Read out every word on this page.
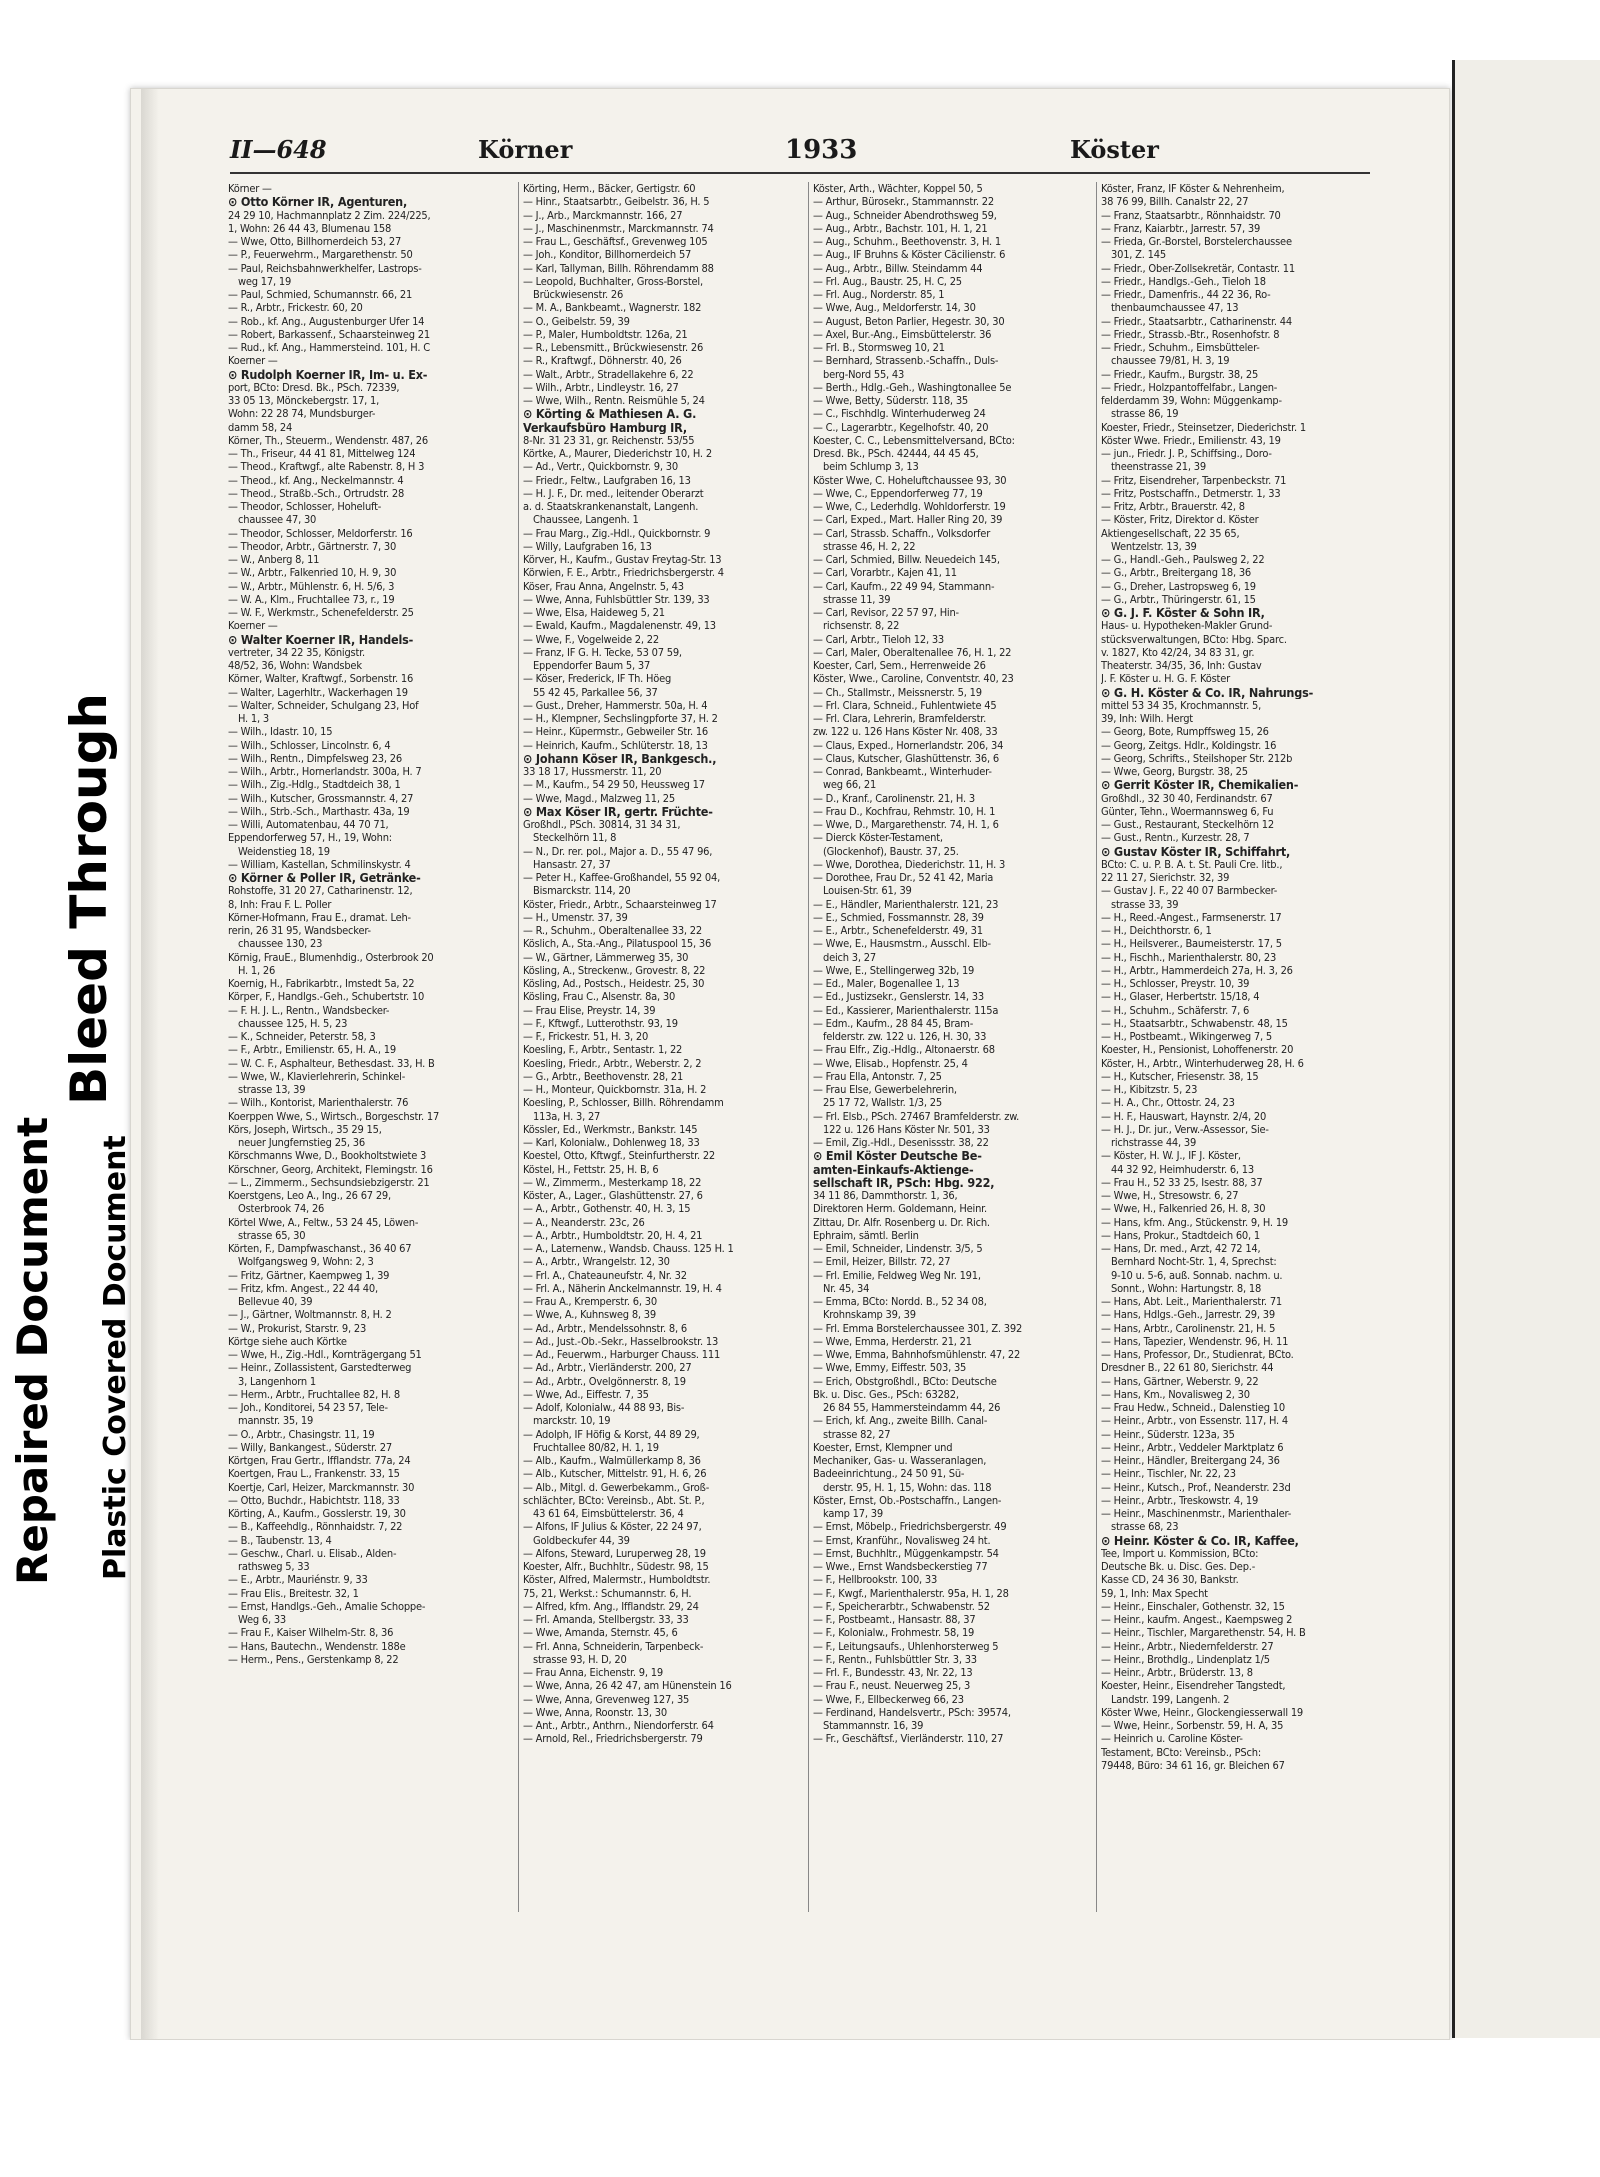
II—648	Körner	1933	Köster

Körner —

⊙ Otto Körner IR, Agenturen,

24 29 10, Hachmannplatz 2 Zim. 224/225,

1, Wohn: 26 44 43, Blumenau 158

— Wwe, Otto, Billhornerdeich 53, 27

— P., Feuerwehrm., Margarethenstr. 50

— Paul, Reichsbahnwerkhelfer, Lastrops-

weg 17, 19

— Paul, Schmied, Schumannstr. 66, 21

— R., Arbtr., Frickestr. 60, 20

— Rob., kf. Ang., Augustenburger Ufer 14

— Robert, Barkassenf., Schaarsteinweg 21

— Rud., kf. Ang., Hammersteind. 101, H. C

Koerner —

⊙ Rudolph Koerner IR, Im- u. Ex-

port, BCto: Dresd. Bk., PSch. 72339,

33 05 13, Mönckebergstr. 17, 1,

Wohn: 22 28 74, Mundsburger-

damm 58, 24

Körner, Th., Steuerm., Wendenstr. 487, 26

— Th., Friseur, 44 41 81, Mittelweg 124

— Theod., Kraftwgf., alte Rabenstr. 8, H 3

— Theod., kf. Ang., Neckelmannstr. 4

— Theod., Straßb.-Sch., Ortrudstr. 28

— Theodor, Schlosser, Hoheluft-

chaussee 47, 30

— Theodor, Schlosser, Meldorferstr. 16

— Theodor, Arbtr., Gärtnerstr. 7, 30

— W., Anberg 8, 11

— W., Arbtr., Falkenried 10, H. 9, 30

— W., Arbtr., Mühlenstr. 6, H. 5/6, 3

— W. A., Klm., Fruchtallee 73, r., 19

— W. F., Werkmstr., Schenefelderstr. 25

Koerner —

⊙ Walter Koerner IR, Handels-

vertreter, 34 22 35, Königstr.

48/52, 36, Wohn: Wandsbek

Körner, Walter, Kraftwgf., Sorbenstr. 16

— Walter, Lagerhltr., Wackerhagen 19

— Walter, Schneider, Schulgang 23, Hof

H. 1, 3

— Wilh., Idastr. 10, 15

— Wilh., Schlosser, Lincolnstr. 6, 4

— Wilh., Rentn., Dimpfelsweg 23, 26

— Wilh., Arbtr., Hornerlandstr. 300a, H. 7

— Wilh., Zig.-Hdlg., Stadtdeich 38, 1

— Wilh., Kutscher, Grossmannstr. 4, 27

— Wilh., Strb.-Sch., Marthastr. 43a, 19

— Willi, Automatenbau, 44 70 71,

Eppendorferweg 57, H., 19, Wohn:

Weidenstieg 18, 19

— William, Kastellan, Schmilinskystr. 4

⊙ Körner & Poller IR, Getränke-

Rohstoffe, 31 20 27, Catharinenstr. 12,

8, Inh: Frau F. L. Poller

Körner-Hofmann, Frau E., dramat. Leh-

rerin, 26 31 95, Wandsbecker-

chaussee 130, 23

Körnig, FrauE., Blumenhdig., Osterbrook 20

H. 1, 26

Koernig, H., Fabrikarbtr., Imstedt 5a, 22

Körper, F., Handlgs.-Geh., Schubertstr. 10

— F. H. J. L., Rentn., Wandsbecker-

chaussee 125, H. 5, 23

— K., Schneider, Peterstr. 58, 3

— F., Arbtr., Emilienstr. 65, H. A., 19

— W. C. F., Asphalteur, Bethesdast. 33, H. B

— Wwe, W., Klavierlehrerin, Schinkel-

strasse 13, 39

— Wilh., Kontorist, Marienthalerstr. 76

Koerppen Wwe, S., Wirtsch., Borgeschstr. 17

Körs, Joseph, Wirtsch., 35 29 15,

neuer Jungfernstieg 25, 36

Körschmanns Wwe, D., Bookholtstwiete 3

Körschner, Georg, Architekt, Flemingstr. 16

— L., Zimmerm., Sechsundsiebzigerstr. 21

Koerstgens, Leo A., Ing., 26 67 29,

Osterbrook 74, 26

Körtel Wwe, A., Feltw., 53 24 45, Löwen-

strasse 65, 30

Körten, F., Dampfwaschanst., 36 40 67

Wolfgangsweg 9, Wohn: 2, 3

— Fritz, Gärtner, Kaempweg 1, 39

— Fritz, kfm. Angest., 22 44 40,

Bellevue 40, 39

— J., Gärtner, Woltmannstr. 8, H. 2

— W., Prokurist, Starstr. 9, 23

Körtge siehe auch Körtke

— Wwe, H., Zig.-Hdl., Kornträgergang 51

— Heinr., Zollassistent, Garstedterweg

3, Langenhorn 1

— Herm., Arbtr., Fruchtallee 82, H. 8

— Joh., Konditorei, 54 23 57, Tele-

mannstr. 35, 19

— O., Arbtr., Chasingstr. 11, 19

— Willy, Bankangest., Süderstr. 27

Körtgen, Frau Gertr., Ifflandstr. 77a, 24

Koertgen, Frau L., Frankenstr. 33, 15

Koertje, Carl, Heizer, Marckmannstr. 30

— Otto, Buchdr., Habichtstr. 118, 33

Körting, A., Kaufm., Gosslerstr. 19, 30

— B., Kaffeehdlg., Rönnhaidstr. 7, 22

— B., Taubenstr. 13, 4

— Geschw., Charl. u. Elisab., Alden-

rathsweg 5, 33

— E., Arbtr., Mauriénstr. 9, 33

— Frau Elis., Breitestr. 32, 1

— Ernst, Handlgs.-Geh., Amalie Schoppe-

Weg 6, 33

— Frau F., Kaiser Wilhelm-Str. 8, 36

— Hans, Bautechn., Wendenstr. 188e

— Herm., Pens., Gerstenkamp 8, 22

Körting, Herm., Bäcker, Gertigstr. 60

— Hinr., Staatsarbtr., Geibelstr. 36, H. 5

— J., Arb., Marckmannstr. 166, 27

— J., Maschinenmstr., Marckmannstr. 74

— Frau L., Geschäftsf., Grevenweg 105

— Joh., Konditor, Billhornerdeich 57

— Karl, Tallyman, Billh. Röhrendamm 88

— Leopold, Buchhalter, Gross-Borstel,

Brückwiesenstr. 26

— M. A., Bankbeamt., Wagnerstr. 182

— O., Geibelstr. 59, 39

— P., Maler, Humboldtstr. 126a, 21

— R., Lebensmitt., Brückwiesenstr. 26

— R., Kraftwgf., Döhnerstr. 40, 26

— Walt., Arbtr., Stradellakehre 6, 22

— Wilh., Arbtr., Lindleystr. 16, 27

— Wwe, Wilh., Rentn. Reismühle 5, 24

⊙ Körting & Mathiesen A. G.

Verkaufsbüro Hamburg IR,

8-Nr. 31 23 31, gr. Reichenstr. 53/55

Körtke, A., Maurer, Diederichstr 10, H. 2

— Ad., Vertr., Quickbornstr. 9, 30

— Friedr., Feltw., Laufgraben 16, 13

— H. J. F., Dr. med., leitender Oberarzt

a. d. Staatskrankenanstalt, Langenh.

Chaussee, Langenh. 1

— Frau Marg., Zig.-Hdl., Quickbornstr. 9

— Willy, Laufgraben 16, 13

Körver, H., Kaufm., Gustav Freytag-Str. 13

Körwien, F. E., Arbtr., Friedrichsbergerstr. 4

Köser, Frau Anna, Angelnstr. 5, 43

— Wwe, Anna, Fuhlsbüttler Str. 139, 33

— Wwe, Elsa, Haideweg 5, 21

— Ewald, Kaufm., Magdalenenstr. 49, 13

— Wwe, F., Vogelweide 2, 22

— Franz, IF G. H. Tecke, 53 07 59,

Eppendorfer Baum 5, 37

— Köser, Frederick, IF Th. Höeg

55 42 45, Parkallee 56, 37

— Gust., Dreher, Hammerstr. 50a, H. 4

— H., Klempner, Sechslingpforte 37, H. 2

— Heinr., Küpermstr., Gebweiler Str. 16

— Heinrich, Kaufm., Schlüterstr. 18, 13

⊙ Johann Köser IR, Bankgesch.,

33 18 17, Hussmerstr. 11, 20

— M., Kaufm., 54 29 50, Heussweg 17

— Wwe, Magd., Malzweg 11, 25

⊙ Max Köser IR, gertr. Früchte-

Großhdl., PSch. 30814, 31 34 31,

Steckelhörn 11, 8

— N., Dr. rer. pol., Major a. D., 55 47 96,

Hansastr. 27, 37

— Peter H., Kaffee-Großhandel, 55 92 04,

Bismarckstr. 114, 20

Köster, Friedr., Arbtr., Schaarsteinweg 17

— H., Umenstr. 37, 39

— R., Schuhm., Oberaltenallee 33, 22

Köslich, A., Sta.-Ang., Pilatuspool 15, 36

— W., Gärtner, Lämmerweg 35, 30

Kösling, A., Streckenw., Grovestr. 8, 22

Kösling, Ad., Postsch., Heidestr. 25, 30

Kösling, Frau C., Alsenstr. 8a, 30

— Frau Elise, Preystr. 14, 39

— F., Kftwgf., Lutterothstr. 93, 19

— F., Frickestr. 51, H. 3, 20

Koesling, F., Arbtr., Sentastr. 1, 22

Koesling, Friedr., Arbtr., Weberstr. 2, 2

— G., Arbtr., Beethovenstr. 28, 21

— H., Monteur, Quickbornstr. 31a, H. 2

Koesling, P., Schlosser, Billh. Röhrendamm

113a, H. 3, 27

Kössler, Ed., Werkmstr., Bankstr. 145

— Karl, Kolonialw., Dohlenweg 18, 33

Koestel, Otto, Kftwgf., Steinfurtherstr. 22

Köstel, H., Fettstr. 25, H. B, 6

— W., Zimmerm., Mesterkamp 18, 22

Köster, A., Lager., Glashüttenstr. 27, 6

— A., Arbtr., Gothenstr. 40, H. 3, 15

— A., Neanderstr. 23c, 26

— A., Arbtr., Humboldtstr. 20, H. 4, 21

— A., Laternenw., Wandsb. Chauss. 125 H. 1

— A., Arbtr., Wrangelstr. 12, 30

— Frl. A., Chateauneufstr. 4, Nr. 32

— Frl. A., Näherin Anckelmannstr. 19, H. 4

— Frau A., Kremperstr. 6, 30

— Wwe, A., Kuhnsweg 8, 39

— Ad., Arbtr., Mendelssohnstr. 8, 6

— Ad., Just.-Ob.-Sekr., Hasselbrookstr. 13

— Ad., Feuerwm., Harburger Chauss. 111

— Ad., Arbtr., Vierländerstr. 200, 27

— Ad., Arbtr., Ovelgönnerstr. 8, 19

— Wwe, Ad., Eiffestr. 7, 35

— Adolf, Kolonialw., 44 88 93, Bis-

marckstr. 10, 19

— Adolph, IF Höfig & Korst, 44 89 29,

Fruchtallee 80/82, H. 1, 19

— Alb., Kaufm., Walmüllerkamp 8, 36

— Alb., Kutscher, Mittelstr. 91, H. 6, 26

— Alb., Mitgl. d. Gewerbekamm., Groß-

schlächter, BCto: Vereinsb., Abt. St. P.,

43 61 64, Eimsbüttelerstr. 36, 4

— Alfons, IF Julius & Köster, 22 24 97,

Goldbeckufer 44, 39

— Alfons, Steward, Luruperweg 28, 19

Koester, Alfr., Buchhltr., Südestr. 98, 15

Köster, Alfred, Malermstr., Humboldtstr.

75, 21, Werkst.: Schumannstr. 6, H.

— Alfred, kfm. Ang., Ifflandstr. 29, 24

— Frl. Amanda, Stellbergstr. 33, 33

— Wwe, Amanda, Sternstr. 45, 6

— Frl. Anna, Schneiderin, Tarpenbeck-

strasse 93, H. D, 20

— Frau Anna, Eichenstr. 9, 19

— Wwe, Anna, 26 42 47, am Hünenstein 16

— Wwe, Anna, Grevenweg 127, 35

— Wwe, Anna, Roonstr. 13, 30

— Ant., Arbtr., Anthrn., Niendorferstr. 64

— Arnold, Rel., Friedrichsbergerstr. 79

Köster, Arth., Wächter, Koppel 50, 5

— Arthur, Bürosekr., Stammannstr. 22

— Aug., Schneider Abendrothsweg 59,

— Aug., Arbtr., Bachstr. 101, H. 1, 21

— Aug., Schuhm., Beethovenstr. 3, H. 1

— Aug., IF Bruhns & Köster Cäcilienstr. 6

— Aug., Arbtr., Billw. Steindamm 44

— Frl. Aug., Baustr. 25, H. C, 25

— Frl. Aug., Norderstr. 85, 1

— Wwe, Aug., Meldorferstr. 14, 30

— August, Beton Parlier, Hegestr. 30, 30

— Axel, Bur.-Ang., Eimsbüttelerstr. 36

— Frl. B., Stormsweg 10, 21

— Bernhard, Strassenb.-Schaffn., Duls-

berg-Nord 55, 43

— Berth., Hdlg.-Geh., Washingtonallee 5e

— Wwe, Betty, Süderstr. 118, 35

— C., Fischhdlg. Winterhuderweg 24

— C., Lagerarbtr., Kegelhofstr. 40, 20

Koester, C. C., Lebensmittelversand, BCto:

Dresd. Bk., PSch. 42444, 44 45 45,

beim Schlump 3, 13

Köster Wwe, C. Hoheluftchaussee 93, 30

— Wwe, C., Eppendorferweg 77, 19

— Wwe, C., Lederhdlg. Wohldorferstr. 19

— Carl, Exped., Mart. Haller Ring 20, 39

— Carl, Strassb. Schaffn., Volksdorfer

strasse 46, H. 2, 22

— Carl, Schmied, Billw. Neuedeich 145,

— Carl, Vorarbtr., Kajen 41, 11

— Carl, Kaufm., 22 49 94, Stammann-

strasse 11, 39

— Carl, Revisor, 22 57 97, Hin-

richsenstr. 8, 22

— Carl, Arbtr., Tieloh 12, 33

— Carl, Maler, Oberaltenallee 76, H. 1, 22

Koester, Carl, Sem., Herrenweide 26

Köster, Wwe., Caroline, Conventstr. 40, 23

— Ch., Stallmstr., Meissnerstr. 5, 19

— Frl. Clara, Schneid., Fuhlentwiete 45

— Frl. Clara, Lehrerin, Bramfelderstr.

zw. 122 u. 126 Hans Köster Nr. 408, 33

— Claus, Exped., Hornerlandstr. 206, 34

— Claus, Kutscher, Glashüttenstr. 36, 6

— Conrad, Bankbeamt., Winterhuder-

weg 66, 21

— D., Kranf., Carolinenstr. 21, H. 3

— Frau D., Kochfrau, Rehmstr. 10, H. 1

— Wwe, D., Margarethenstr. 74, H. 1, 6

— Dierck Köster-Testament,

(Glockenhof), Baustr. 37, 25.

— Wwe, Dorothea, Diederichstr. 11, H. 3

— Dorothee, Frau Dr., 52 41 42, Maria

Louisen-Str. 61, 39

— E., Händler, Marienthalerstr. 121, 23

— E., Schmied, Fossmannstr. 28, 39

— E., Arbtr., Schenefelderstr. 49, 31

— Wwe, E., Hausmstrn., Ausschl. Elb-

deich 3, 27

— Wwe, E., Stellingerweg 32b, 19

— Ed., Maler, Bogenallee 1, 13

— Ed., Justizsekr., Genslerstr. 14, 33

— Ed., Kassierer, Marienthalerstr. 115a

— Edm., Kaufm., 28 84 45, Bram-

felderstr. zw. 122 u. 126, H. 30, 33

— Frau Elfr., Zig.-Hdlg., Altonaerstr. 68

— Wwe, Elisab., Hopfenstr. 25, 4

— Frau Ella, Antonstr. 7, 25

— Frau Else, Gewerbelehrerin,

25 17 72, Wallstr. 1/3, 25

— Frl. Elsb., PSch. 27467 Bramfelderstr. zw.

122 u. 126 Hans Köster Nr. 501, 33

— Emil, Zig.-Hdl., Desenissstr. 38, 22

⊙ Emil Köster Deutsche Be-

amten-Einkaufs-Aktienge-

sellschaft IR, PSch: Hbg. 922,

34 11 86, Dammthorstr. 1, 36,

Direktoren Herm. Goldemann, Heinr.

Zittau, Dr. Alfr. Rosenberg u. Dr. Rich.

Ephraim, sämtl. Berlin

— Emil, Schneider, Lindenstr. 3/5, 5

— Emil, Heizer, Billstr. 72, 27

— Frl. Emilie, Feldweg Weg Nr. 191,

Nr. 45, 34

— Emma, BCto: Nordd. B., 52 34 08,

Krohnskamp 39, 39

— Frl. Emma Borstelerchaussee 301, Z. 392

— Wwe, Emma, Herderstr. 21, 21

— Wwe, Emma, Bahnhofsmühlenstr. 47, 22

— Wwe, Emmy, Eiffestr. 503, 35

— Erich, Obstgroßhdl., BCto: Deutsche

Bk. u. Disc. Ges., PSch: 63282,

26 84 55, Hammersteindamm 44, 26

— Erich, kf. Ang., zweite Billh. Canal-

strasse 82, 27

Koester, Ernst, Klempner und

Mechaniker, Gas- u. Wasseranlagen,

Badeeinrichtung., 24 50 91, Sü-

derstr. 95, H. 1, 15, Wohn: das. 118

Köster, Ernst, Ob.-Postschaffn., Langen-

kamp 17, 39

— Ernst, Möbelp., Friedrichsbergerstr. 49

— Ernst, Kranführ., Novalisweg 24 ht.

— Ernst, Buchhltr., Müggenkampstr. 54

— Wwe., Ernst Wandsbeckerstieg 77

— F., Hellbrookstr. 100, 33

— F., Kwgf., Marienthalerstr. 95a, H. 1, 28

— F., Speicherarbtr., Schwabenstr. 52

— F., Postbeamt., Hansastr. 88, 37

— F., Kolonialw., Frohmestr. 58, 19

— F., Leitungsaufs., Uhlenhorsterweg 5

— F., Rentn., Fuhlsbüttler Str. 3, 33

— Frl. F., Bundesstr. 43, Nr. 22, 13

— Frau F., neust. Neuerweg 25, 3

— Wwe, F., Ellbeckerweg 66, 23

— Ferdinand, Handelsvertr., PSch: 39574,

Stammannstr. 16, 39

— Fr., Geschäftsf., Vierländerstr. 110, 27

Köster, Franz, IF Köster & Nehrenheim,

38 76 99, Billh. Canalstr 22, 27

— Franz, Staatsarbtr., Rönnhaidstr. 70

— Franz, Kaiarbtr., Jarrestr. 57, 39

— Frieda, Gr.-Borstel, Borstelerchaussee

301, Z. 145

— Friedr., Ober-Zollsekretär, Contastr. 11

— Friedr., Handlgs.-Geh., Tieloh 18

— Friedr., Damenfris., 44 22 36, Ro-

thenbaumchaussee 47, 13

— Friedr., Staatsarbtr., Catharinenstr. 44

— Friedr., Strassb.-Btr., Rosenhofstr. 8

— Friedr., Schuhm., Eimsbütteler-

chaussee 79/81, H. 3, 19

— Friedr., Kaufm., Burgstr. 38, 25

— Friedr., Holzpantoffelfabr., Langen-

felderdamm 39, Wohn: Müggenkamp-

strasse 86, 19

Koester, Friedr., Steinsetzer, Diederichstr. 1

Köster Wwe. Friedr., Emilienstr. 43, 19

— jun., Friedr. J. P., Schiffsing., Doro-

theenstrasse 21, 39

— Fritz, Eisendreher, Tarpenbeckstr. 71

— Fritz, Postschaffn., Detmerstr. 1, 33

— Fritz, Arbtr., Brauerstr. 42, 8

— Köster, Fritz, Direktor d. Köster

Aktiengesellschaft, 22 35 65,

Wentzelstr. 13, 39

— G., Handl.-Geh., Paulsweg 2, 22

— G., Arbtr., Breitergang 18, 36

— G., Dreher, Lastropsweg 6, 19

— G., Arbtr., Thüringerstr. 61, 15

⊙ G. J. F. Köster & Sohn IR,

Haus- u. Hypotheken-Makler Grund-

stücksverwaltungen, BCto: Hbg. Sparc.

v. 1827, Kto 42/24, 34 83 31, gr.

Theaterstr. 34/35, 36, Inh: Gustav

J. F. Köster u. H. G. F. Köster

⊙ G. H. Köster & Co. IR, Nahrungs-

mittel 53 34 35, Krochmannstr. 5,

39, Inh: Wilh. Hergt

— Georg, Bote, Rumpffsweg 15, 26

— Georg, Zeitgs. Hdlr., Koldingstr. 16

— Georg, Schrifts., Steilshoper Str. 212b

— Wwe, Georg, Burgstr. 38, 25

⊙ Gerrit Köster IR, Chemikalien-

Großhdl., 32 30 40, Ferdinandstr. 67

Günter, Tehn., Woermannsweg 6, Fu

— Gust., Restaurant, Steckelhörn 12

— Gust., Rentn., Kurzestr. 28, 7

⊙ Gustav Köster IR, Schiffahrt,

BCto: C. u. P. B. A. t. St. Pauli Cre. litb.,

22 11 27, Sierichstr. 32, 39

— Gustav J. F., 22 40 07 Barmbecker-

strasse 33, 39

— H., Reed.-Angest., Farmsenerstr. 17

— H., Deichthorstr. 6, 1

— H., Heilsverer., Baumeisterstr. 17, 5

— H., Fischh., Marienthalerstr. 80, 23

— H., Arbtr., Hammerdeich 27a, H. 3, 26

— H., Schlosser, Preystr. 10, 39

— H., Glaser, Herbertstr. 15/18, 4

— H., Schuhm., Schäferstr. 7, 6

— H., Staatsarbtr., Schwabenstr. 48, 15

— H., Postbeamt., Wikingerweg 7, 5

Koester, H., Pensionist, Lohoffenerstr. 20

Köster, H., Arbtr., Winterhuderweg 28, H. 6

— H., Kutscher, Friesenstr. 38, 15

— H., Kibitzstr. 5, 23

— H. A., Chr., Ottostr. 24, 23

— H. F., Hauswart, Haynstr. 2/4, 20

— H. J., Dr. jur., Verw.-Assessor, Sie-

richstrasse 44, 39

— Köster, H. W. J., IF J. Köster,

44 32 92, Heimhuderstr. 6, 13

— Frau H., 52 33 25, Isestr. 88, 37

— Wwe, H., Stresowstr. 6, 27

— Wwe, H., Falkenried 26, H. 8, 30

— Hans, kfm. Ang., Stückenstr. 9, H. 19

— Hans, Prokur., Stadtdeich 60, 1

— Hans, Dr. med., Arzt, 42 72 14,

Bernhard Nocht-Str. 1, 4, Sprechst:

9-10 u. 5-6, auß. Sonnab. nachm. u.

Sonnt., Wohn: Hartungstr. 8, 18

— Hans, Abt. Leit., Marienthalerstr. 71

— Hans, Hdlgs.-Geh., Jarrestr. 29, 39

— Hans, Arbtr., Carolinenstr. 21, H. 5

— Hans, Tapezier, Wendenstr. 96, H. 11

— Hans, Professor, Dr., Studienrat, BCto.

Dresdner B., 22 61 80, Sierichstr. 44

— Hans, Gärtner, Weberstr. 9, 22

— Hans, Km., Novalisweg 2, 30

— Frau Hedw., Schneid., Dalenstieg 10

— Heinr., Arbtr., von Essenstr. 117, H. 4

— Heinr., Süderstr. 123a, 35

— Heinr., Arbtr., Veddeler Marktplatz 6

— Heinr., Händler, Breitergang 24, 36

— Heinr., Tischler, Nr. 22, 23

— Heinr., Kutsch., Prof., Neanderstr. 23d

— Heinr., Arbtr., Treskowstr. 4, 19

— Heinr., Maschinenmstr., Marienthaler-

strasse 68, 23

⊙ Heinr. Köster & Co. IR, Kaffee,

Tee, Import u. Kommission, BCto:

Deutsche Bk. u. Disc. Ges. Dep.-

Kasse CD, 24 36 30, Bankstr.

59, 1, Inh: Max Specht

— Heinr., Einschaler, Gothenstr. 32, 15

— Heinr., kaufm. Angest., Kaempsweg 2

— Heinr., Tischler, Margarethenstr. 54, H. B

— Heinr., Arbtr., Niedernfelderstr. 27

— Heinr., Brothdlg., Lindenplatz 1/5

— Heinr., Arbtr., Brüderstr. 13, 8

Koester, Heinr., Eisendreher Tangstedt,

Landstr. 199, Langenh. 2

Köster Wwe, Heinr., Glockengiesserwall 19

— Wwe, Heinr., Sorbenstr. 59, H. A, 35

— Heinrich u. Caroline Köster-

Testament, BCto: Vereinsb., PSch:

79448, Büro: 34 61 16, gr. Bleichen 67

Repaired Document Plastic Covered Document
Bleed Through
